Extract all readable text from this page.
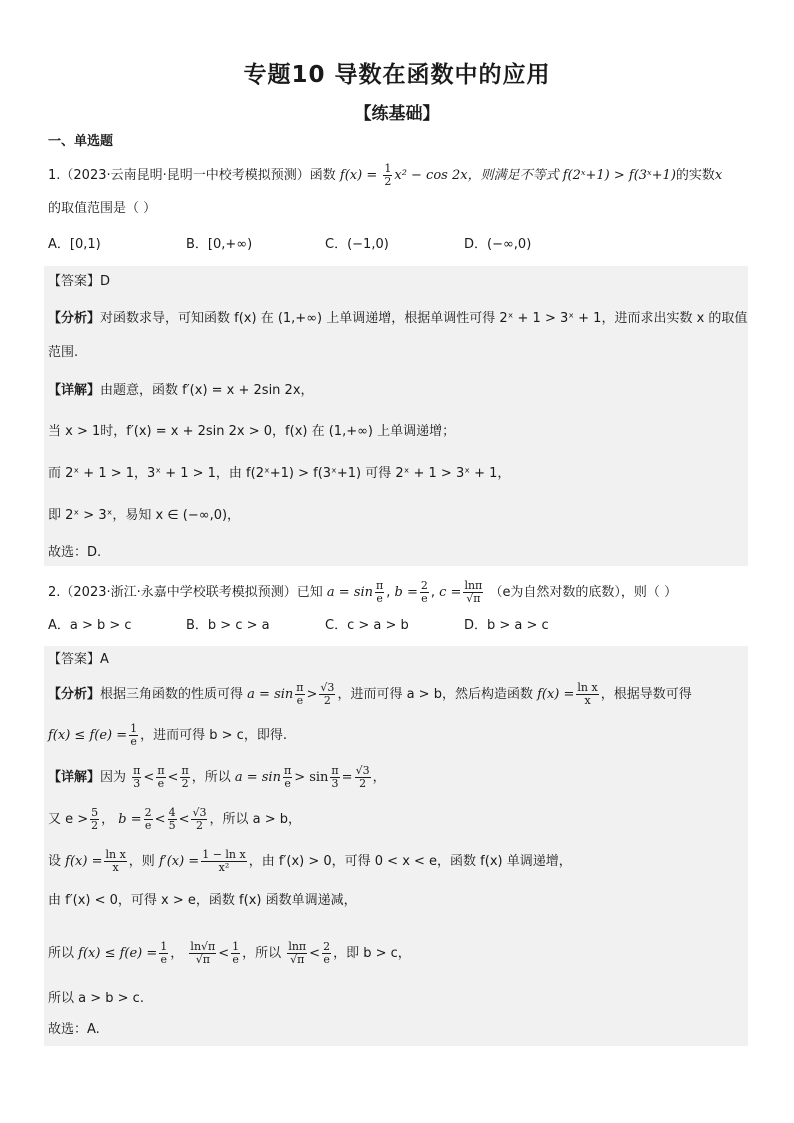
专题10 导数在函数中的应用
【练基础】
一、单选题
1.（2023·云南昆明·昆明一中校考模拟预测）函数 $f(x) = \frac{1}{2} x^2 - \cos 2x$，则满足不等式 f(2ˣ+1) > f(3ˣ+1)的实数x
的取值范围是（ ）
A．[0,1)	B．[0,+∞)	C．(−1,0)	D．(−∞,0)
【答案】D
【分析】对函数求导，可知函数 f(x) 在 (1,+∞) 上单调递增，根据单调性可得 2ˣ + 1 > 3ˣ + 1，进而求出实数 x 的取值
范围.
【详解】由题意，函数 f′(x) = x + 2sin 2x，
当 x > 1时，f′(x) = x + 2sin 2x > 0，f(x) 在 (1,+∞) 上单调递增；
而 2ˣ + 1 > 1，3ˣ + 1 > 1，由 f(2ˣ+1) > f(3ˣ+1) 可得 2ˣ + 1 > 3ˣ + 1，
即 2ˣ > 3ˣ，易知 x ∈ (−∞,0)，
故选：D.
2.（2023·浙江·永嘉中学校联考模拟预测）已知 $a = \sin \frac{\pi}{e}$ , $b = \frac{2}{e}$ , $c = \frac{\ln\pi}{√\pi} (e$为自然对数的底数），则（ ）
A．a > b > c	B．b > c > a	C．c > a > b	D．b > a > c
【答案】A
【分析】根据三角函数的性质可得 $a = \sin \frac{\pi}{e} > \frac{√3}{2}$ ，进而可得 a > b，然后构造函数 $f(x) = \frac{\text{ln x}}{x}$ ，根据导数可得
$f(x) \le f(e) = \frac{1}{e}$ ，进而可得 b > c，即得.
【详解】因为 $\frac{\pi}{3} < \frac{\pi}{e} < \frac{\pi}{2}$ ，所以 $a = \sin \frac{\pi}{e} > \sin \frac{\pi}{3} = \frac{√3}{2}$ ，
又 $e > \frac{5}{2}$ ， $b = \frac{2}{e} < \frac{4}{5} < \frac{√3}{2}$ ，所以 a > b，
设 $f(x) = \frac{\text{ln x}}{x}$ ，则 $f'(x) = \frac{\text{1 − ln x}}{\text{x²}}$ ，由 f′(x) > 0，可得 0 < x < e，函数 f(x) 单调递增，
由 f′(x) < 0，可得 x > e，函数 f(x) 函数单调递减，
所以 $f(x) \le f(e) = \frac{1}{e}$ ， $\frac{\ln√\pi}{√\pi} < \frac{1}{e}$ ，所以 $\frac{\ln\pi}{√\pi} < \frac{2}{e}$ ，即 b > c，
所以 a > b > c.
故选：A.
